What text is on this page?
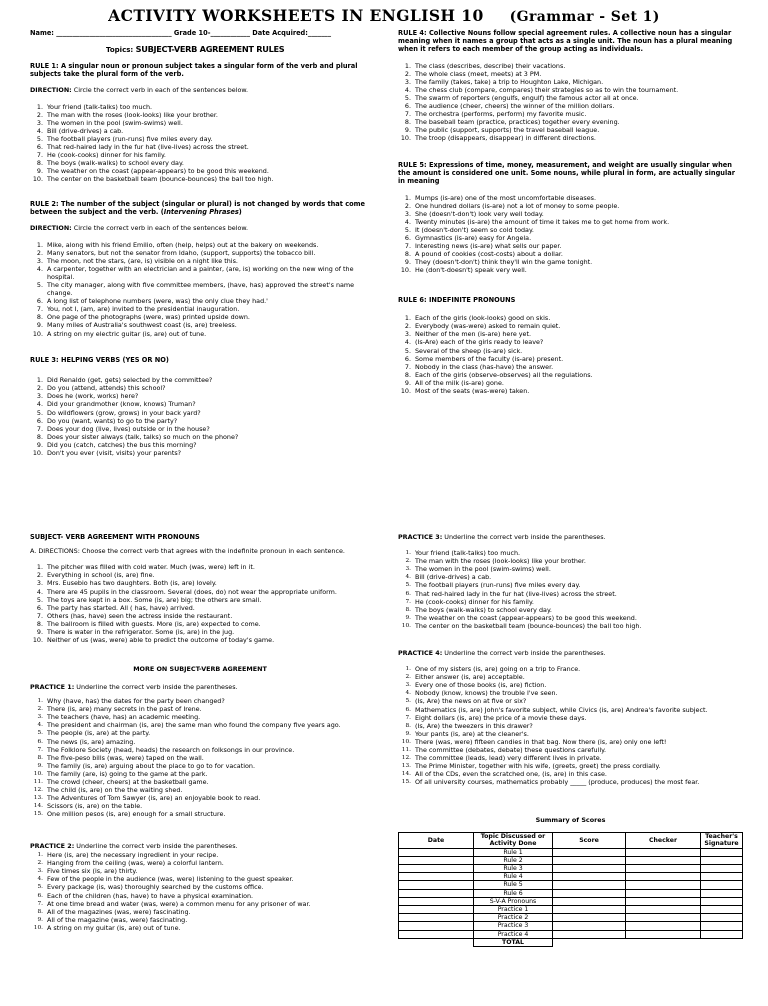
ACTIVITY WORKSHEETS IN ENGLISH 10 (Grammar - Set 1)
Name: ___________________________________ Grade 10-____________ Date Acquired:_______
Topics: SUBJECT-VERB AGREEMENT RULES
RULE 1: A singular noun or pronoun subject takes a singular form of the verb and plural subjects take the plural form of the verb.
DIRECTION: Circle the correct verb in each of the sentences below.
1. Your friend (talk-talks) too much.
2. The man with the roses (look-looks) like your brother.
3. The women in the pool (swim-swims) well.
4. Bill (drive-drives) a cab.
5. The football players (run-runs) five miles every day.
6. That red-haired lady in the fur hat (live-lives) across the street.
7. He (cook-cooks) dinner for his family.
8. The boys (walk-walks) to school every day.
9. The weather on the coast (appear-appears) to be good this weekend.
10. The center on the basketball team (bounce-bounces) the ball too high.
RULE 2: The number of the subject (singular or plural) is not changed by words that come between the subject and the verb. (Intervening Phrases)
DIRECTION: Circle the correct verb in each of the sentences below.
1. Mike, along with his friend Emilio, often (help, helps) out at the bakery on weekends.
2. Many senators, but not the senator from Idaho, (support, supports) the tobacco bill.
3. The moon, not the stars, (are, is) visible on a night like this.
4. A carpenter, together with an electrician and a painter, (are, is) working on the new wing of the hospital.
5. The city manager, along with five committee members, (have, has) approved the street's name change.
6. A long list of telephone numbers (were, was) the only clue they had.'
7. You, not I, (am, are) invited to the presidential inauguration.
8. One page of the photographs (were, was) printed upside down.
9. Many miles of Australia's southwest coast (is, are) treeless.
10. A string on my electric guitar (is, are) out of tune.
RULE 3: HELPING VERBS (YES OR NO)
1. Did Renaldo (get, gets) selected by the committee?
2. Do you (attend, attends) this school?
3. Does he (work, works) here?
4. Did your grandmother (know, knows) Truman?
5. Do wildflowers (grow, grows) in your back yard?
6. Do you (want, wants) to go to the party?
7. Does your dog (live, lives) outside or in the house?
8. Does your sister always (talk, talks) so much on the phone?
9. Did you (catch, catches) the bus this morning?
10. Don't you ever (visit, visits) your parents?
RULE 4: Collective Nouns follow special agreement rules. A collective noun has a singular meaning when it names a group that acts as a single unit. The noun has a plural meaning when it refers to each member of the group acting as individuals.
1. The class (describes, describe) their vacations.
2. The whole class (meet, meets) at 3 PM.
3. The family (takes, take) a trip to Houghton Lake, Michigan.
4. The chess club (compare, compares) their strategies so as to win the tournament.
5. The swarm of reporters (engulfs, engulf) the famous actor all at once.
6. The audience (cheer, cheers) the winner of the million dollars.
7. The orchestra (performs, perform) my favorite music.
8. The baseball team (practice, practices) together every evening.
9. The public (support, supports) the travel baseball league.
10. The troop (disappears, disappear) in different directions.
RULE 5: Expressions of time, money, measurement, and weight are usually singular when the amount is considered one unit. Some nouns, while plural in form, are actually singular in meaning
1. Mumps (is-are) one of the most uncomfortable diseases.
2. One hundred dollars (is-are) not a lot of money to some people.
3. She (doesn't-don't) look very well today.
4. Twenty minutes (is-are) the amount of time it takes me to get home from work.
5. It (doesn't-don't) seem so cold today.
6. Gymnastics (is-are) easy for Angela.
7. Interesting news (is-are) what sells our paper.
8. A pound of cookies (cost-costs) about a dollar.
9. They (doesn't-don't) think they'll win the game tonight.
10. He (don't-doesn't) speak very well.
RULE 6: INDEFINITE PRONOUNS
1. Each of the girls (look-looks) good on skis.
2. Everybody (was-were) asked to remain quiet.
3. Neither of the men (is-are) here yet.
4. (Is-Are) each of the girls ready to leave?
5. Several of the sheep (is-are) sick.
6. Some members of the faculty (is-are) present.
7. Nobody in the class (has-have) the answer.
8. Each of the girls (observe-observes) all the regulations.
9. All of the milk (is-are) gone.
10. Most of the seats (was-were) taken.
SUBJECT- VERB AGREEMENT WITH PRONOUNS
A. DIRECTIONS: Choose the correct verb that agrees with the indefinite pronoun in each sentence.
1. The pitcher was filled with cold water. Much (was, were) left in it.
2. Everything in school (is, are) fine.
3. Mrs. Eusebio has two daughters. Both (is, are) lovely.
4. There are 45 pupils in the classroom. Several (does, do) not wear the appropriate uniform.
5. The toys are kept in a box. Some (is, are) big; the others are small.
6. The party has started. All ( has, have) arrived.
7. Others (has, have) seen the actress inside the restaurant.
8. The ballroom is filled with guests. More (is, are) expected to come.
9. There is water in the refrigerator. Some (is, are) in the jug.
10. Neither of us (was, were) able to predict the outcome of today's game.
MORE ON SUBJECT-VERB AGREEMENT
PRACTICE 1: Underline the correct verb inside the parentheses.
1. Why (have, has) the dates for the party been changed?
2. There (is, are) many secrets in the past of Irene.
3. The teachers (have, has) an academic meeting.
4. The president and chairman (is, are) the same man who found the company five years ago.
5. The people (is, are) at the party.
6. The news (is, are) amazing.
7. The Folklore Society (head, heads) the research on folksongs in our province.
8. The five-peso bills (was, were) taped on the wall.
9. The family (is, are) arguing about the place to go to for vacation.
10. The family (are, is) going to the game at the park.
11. The crowd (cheer, cheers) at the basketball game.
12. The child (is, are) on the the waiting shed.
13. The Adventures of Tom Sawyer (is, are) an enjoyable book to read.
14. Scissors (is, are) on the table.
15. One million pesos (is, are) enough for a small structure.
PRACTICE 2: Underline the correct verb inside the parentheses.
1. Here (is, are) the necessary ingredient in your recipe.
2. Hanging from the ceiling (was, were) a colorful lantern.
3. Five times six (is, are) thirty.
4. Few of the people in the audience (was, were) listening to the guest speaker.
5. Every package (is, was) thoroughly searched by the customs office.
6. Each of the children (has, have) to have a physical examination.
7. At one time bread and water (was, were) a common menu for any prisoner of war.
8. All of the magazines (was, were) fascinating.
9. All of the magazine (was, were) fascinating.
10. A string on my guitar (is, are) out of tune.
PRACTICE 3: Underline the correct verb inside the parentheses.
1. Your friend (talk-talks) too much.
2. The man with the roses (look-looks) like your brother.
3. The women in the pool (swim-swims) well.
4. Bill (drive-drives) a cab.
5. The football players (run-runs) five miles every day.
6. That red-haired lady in the fur hat (live-lives) across the street.
7. He (cook-cooks) dinner for his family.
8. The boys (walk-walks) to school every day.
9. The weather on the coast (appear-appears) to be good this weekend.
10. The center on the basketball team (bounce-bounces) the ball too high.
PRACTICE 4: Underline the correct verb inside the parentheses.
1. One of my sisters (is, are) going on a trip to France.
2. Either answer (is, are) acceptable.
3. Every one of those books (is, are) fiction.
4. Nobody (know, knows) the trouble I've seen.
5. (Is, Are) the news on at five or six?
6. Mathematics (is, are) John's favorite subject, while Civics (is, are) Andrea's favorite subject.
7. Eight dollars (is, are) the price of a movie these days.
8. (Is, Are) the tweezers in this drawer?
9. Your pants (is, are) at the cleaner's.
10. There (was, were) fifteen candies in that bag. Now there (is, are) only one left!
11. The committee (debates, debate) these questions carefully.
12. The committee (leads, lead) very different lives in private.
13. The Prime Minister, together with his wife, (greets, greet) the press cordially.
14. All of the CDs, even the scratched one, (is, are) in this case.
15. Of all university courses, mathematics probably _____ (produce, produces) the most fear.
Summary of Scores
Date	Topic Discussed or Activity Done	Score	Checker	Teacher's Signature
	Rule 1			
	Rule 2			
	Rule 3			
	Rule 4			
	Rule 5			
	Rule 6			
	S-V-A Pronouns			
	Practice 1			
	Practice 2			
	Practice 3			
	Practice 4			
	TOTAL			
